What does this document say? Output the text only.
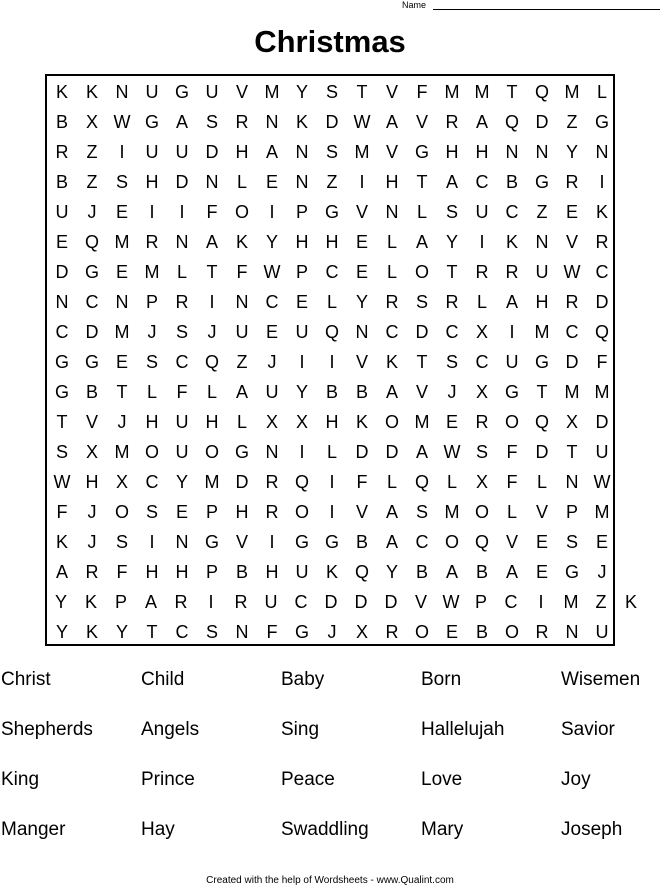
Name
Christmas
K K N U G U V M Y S	T	V	F M M T Q M L
B X W G A S R N K D W A V R A Q D	Z G
R	Z	I	U U D H A N S M V G H H N N Y N
B	Z	S H D N	L	E N	Z	I	H	T	A C B G R	I
U	J	E	I	I	F O	I	P G V N	L	S U C	Z	E K
E Q M R N A K Y H H E	L	A Y	I	K N V R
D G E M L	T	F W P C E	L O T	R R U W C
N C N P R	I	N C E	L	Y R S R	L	A H R D
C D M	J	S	J	U E U Q N C D C X	I	M C Q
G G E S C Q Z	J	I	I	V K	T	S C U G D	F
G B	T	L	F	L	A U Y B B A V	J	X G T M M
T	V	J	H U H	L	X X H K O M E R O Q X D
S X M O U O G N	I	L	D D A W S	F	D	T	U
W H X C Y M D R Q	I	F	L Q L	X	F	L	N W
F	J	O S E P H R O	I	V A S M O L	V P M
K	J	S	I	N G V	I	G G B A C O Q V E S E
A R	F	H H P B H U K Q Y B A B A E G	J
Y K P A R	I	R U C D D D V W P C	I	M Z	K
Y K Y	T	C S N	F G	J	X R O E B O R N U
Christ	Child	Baby	Born	Wisemen
Shepherds	Angels	Sing	Hallelujah	Savior
King	Prince	Peace	Love	Joy
Manger	Hay	Swaddling	Mary	Joseph
Created with the help of Wordsheets - www.Qualint.com
